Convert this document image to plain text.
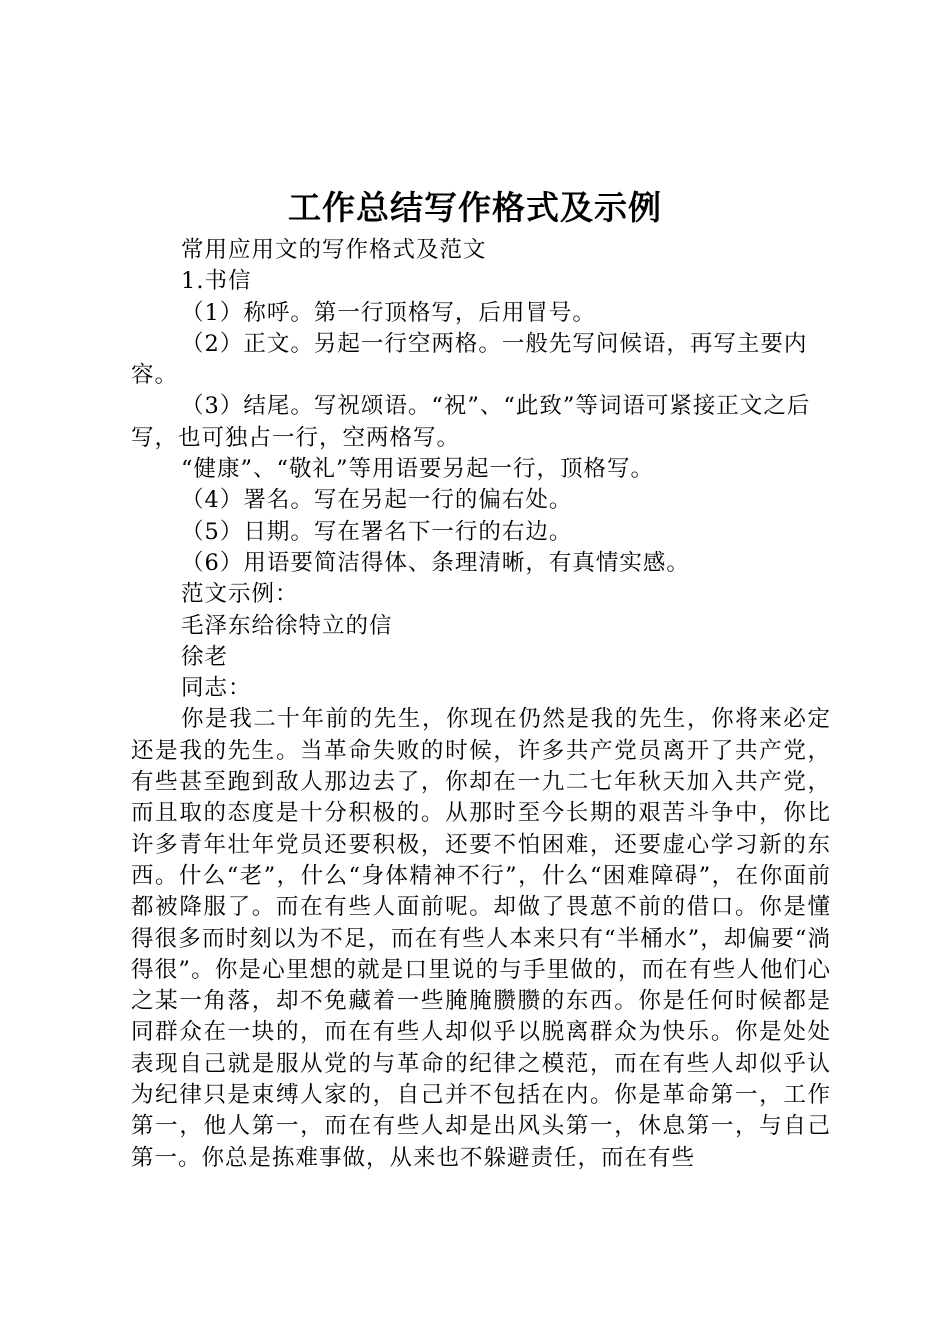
工作总结写作格式及示例

常用应用文的写作格式及范文

1.书信

（1）称呼。第一行顶格写，后用冒号。

（2）正文。另起一行空两格。一般先写问候语，再写主要内容。

（3）结尾。写祝颂语。“祝”、“此致”等词语可紧接正文之后写，也可独占一行，空两格写。

“健康”、“敬礼”等用语要另起一行，顶格写。

（4）署名。写在另起一行的偏右处。

（5）日期。写在署名下一行的右边。

（6）用语要简洁得体、条理清晰，有真情实感。

范文示例：

毛泽东给徐特立的信

徐老

同志：

你是我二十年前的先生，你现在仍然是我的先生，你将来必定还是我的先生。当革命失败的时候，许多共产党员离开了共产党，有些甚至跑到敌人那边去了，你却在一九二七年秋天加入共产党，而且取的态度是十分积极的。从那时至今长期的艰苦斗争中，你比许多青年壮年党员还要积极，还要不怕困难，还要虚心学习新的东西。什么“老”，什么“身体精神不行”，什么“困难障碍”，在你面前都被降服了。而在有些人面前呢。却做了畏葸不前的借口。你是懂得很多而时刻以为不足，而在有些人本来只有“半桶水”，却偏要“淌得很”。你是心里想的就是口里说的与手里做的，而在有些人他们心之某一角落，却不免藏着一些腌腌臜臜的东西。你是任何时候都是同群众在一块的，而在有些人却似乎以脱离群众为快乐。你是处处表现自己就是服从党的与革命的纪律之模范，而在有些人却似乎认为纪律只是束缚人家的，自己并不包括在内。你是革命第一，工作第一，他人第一，而在有些人却是出风头第一，休息第一，与自己第一。你总是拣难事做，从来也不躲避责任，而在有些
